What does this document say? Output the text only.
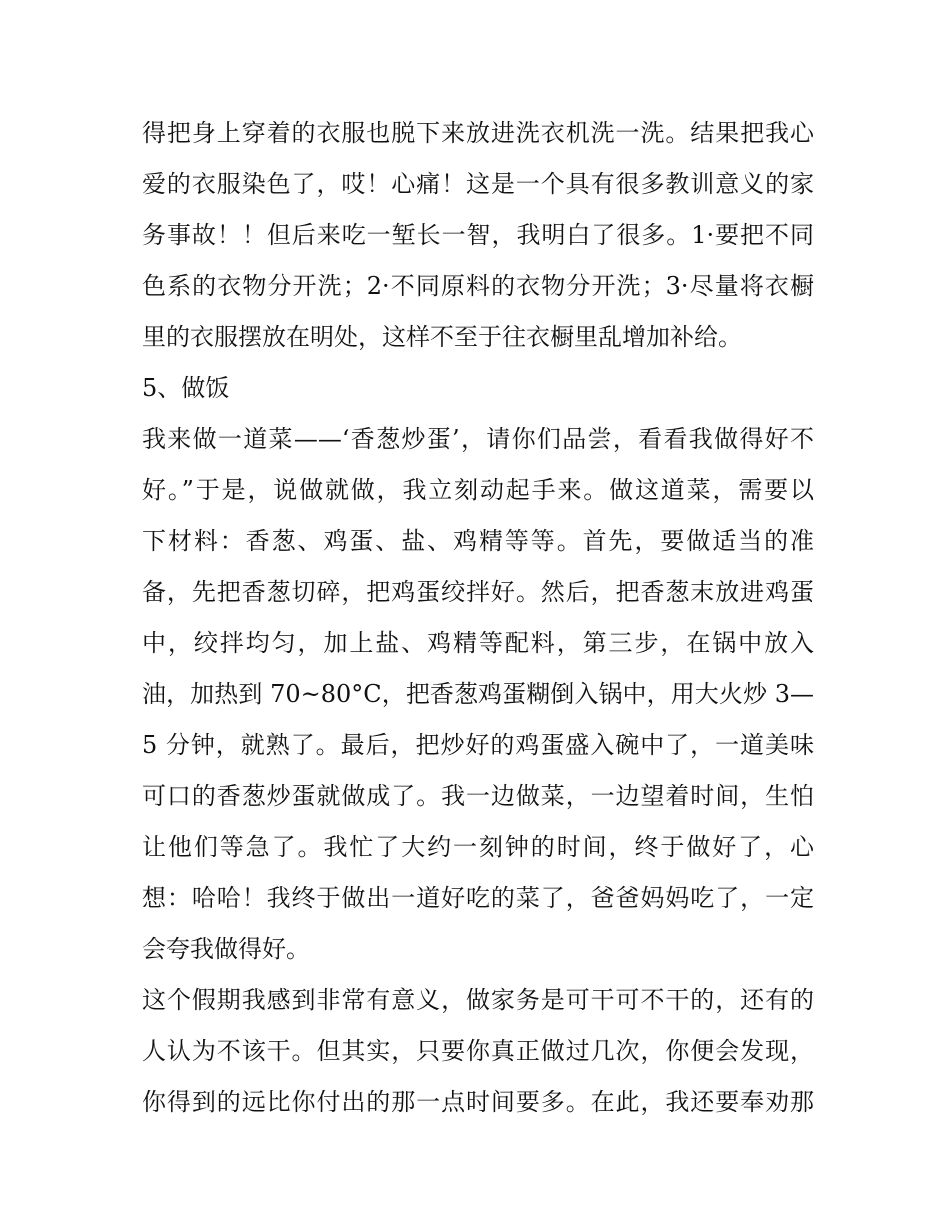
得把身上穿着的衣服也脱下来放进洗衣机洗一洗。结果把我心
爱的衣服染色了，哎！心痛！这是一个具有很多教训意义的家
务事故！！但后来吃一堑长一智，我明白了很多。1·要把不同
色系的衣物分开洗；2·不同原料的衣物分开洗；3·尽量将衣橱
里的衣服摆放在明处，这样不至于往衣橱里乱增加补给。
5、做饭
我来做一道菜——‘香葱炒蛋’，请你们品尝，看看我做得好不
好。”于是，说做就做，我立刻动起手来。做这道菜，需要以
下材料：香葱、鸡蛋、盐、鸡精等等。首先，要做适当的准
备，先把香葱切碎，把鸡蛋绞拌好。然后，把香葱末放进鸡蛋
中，绞拌均匀，加上盐、鸡精等配料，第三步，在锅中放入
油，加热到 70~80°C，把香葱鸡蛋糊倒入锅中，用大火炒 3—
5 分钟，就熟了。最后，把炒好的鸡蛋盛入碗中了，一道美味
可口的香葱炒蛋就做成了。我一边做菜，一边望着时间，生怕
让他们等急了。我忙了大约一刻钟的时间，终于做好了，心
想：哈哈！我终于做出一道好吃的菜了，爸爸妈妈吃了，一定
会夸我做得好。
这个假期我感到非常有意义，做家务是可干可不干的，还有的
人认为不该干。但其实，只要你真正做过几次，你便会发现，
你得到的远比你付出的那一点时间要多。在此，我还要奉劝那
